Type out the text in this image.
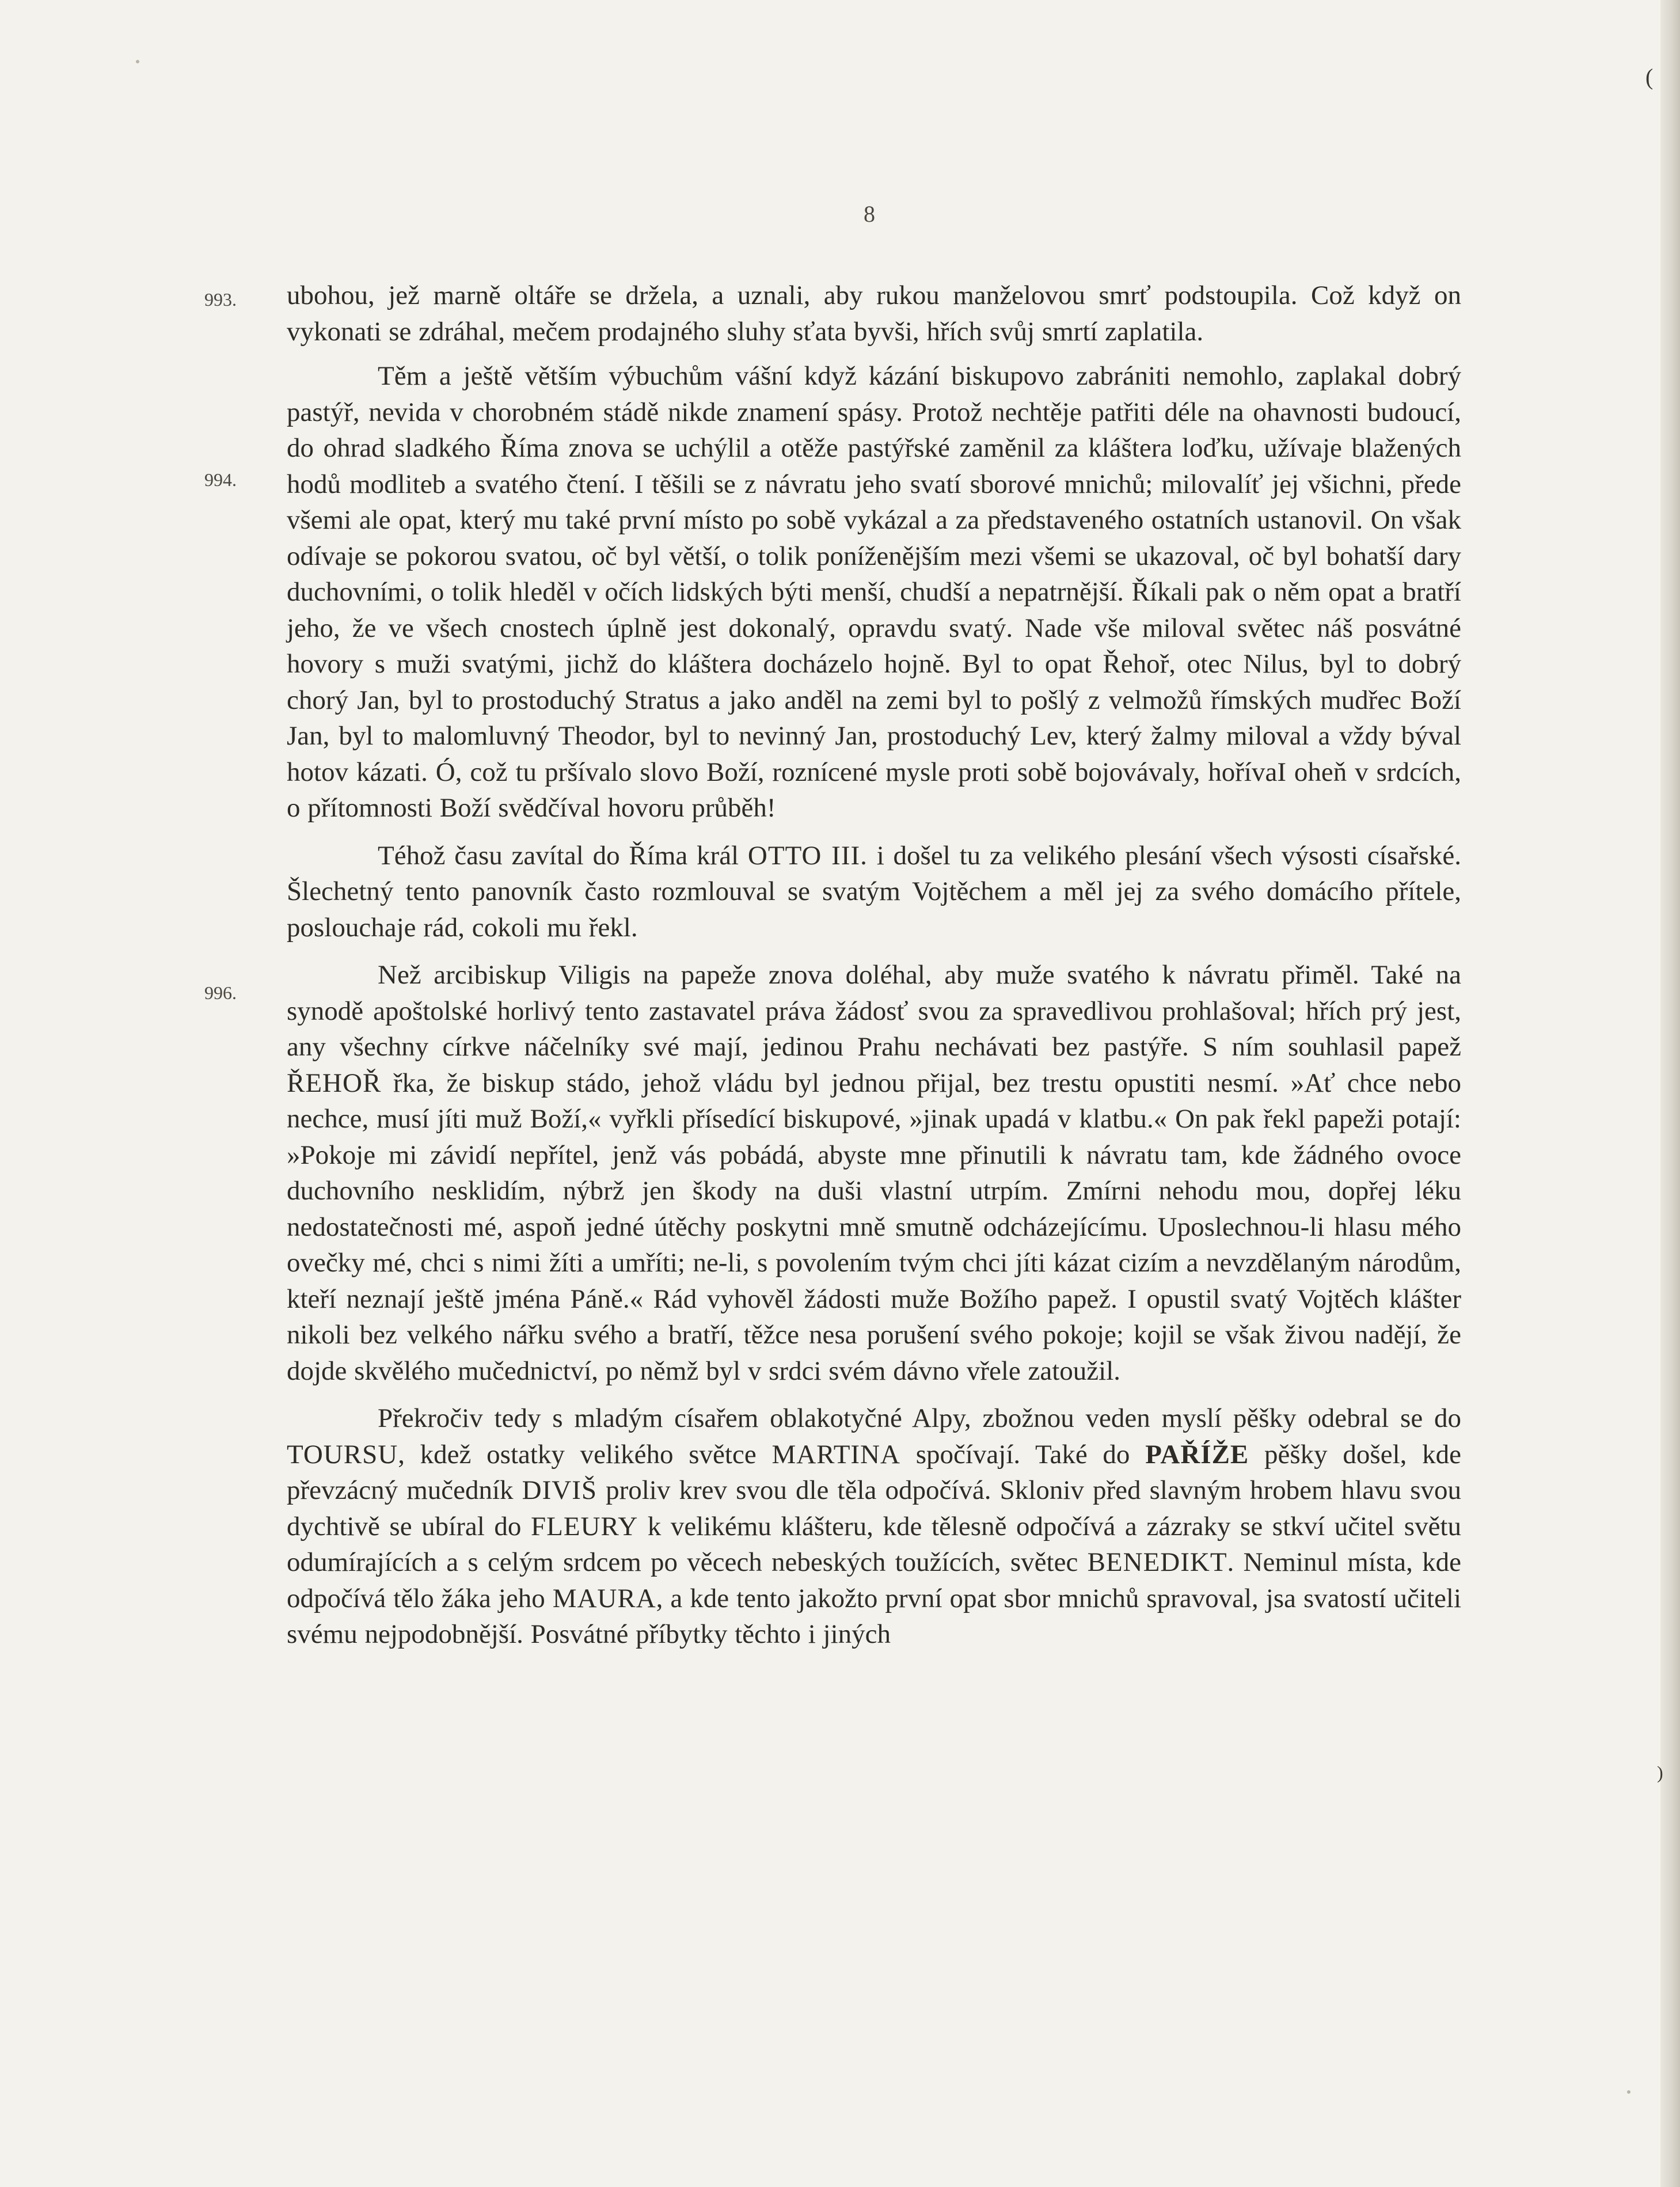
8
993.
994.
996.

ubohou, jež marně oltáře se držela, a uznali, aby rukou manželovou smrť podstoupila. Což když on vykonati se zdráhal, mečem prodajného sluhy sťata byvši, hřích svůj smrtí zaplatila.

Těm a ještě větším výbuchům vášní když kázání biskupovo zabrániti nemohlo, zaplakal dobrý pastýř, nevida v chorobném stádě nikde znamení spásy. Protož nechtěje patřiti déle na ohavnosti budoucí, do ohrad sladkého Říma znova se uchýlil a otěže pastýřské zaměnil za kláštera loďku, užívaje blažených hodů modliteb a svatého čtení. I těšili se z návratu jeho svatí sborové mnichů; milovalíť jej všichni, přede všemi ale opat, který mu také první místo po sobě vykázal a za představeného ostatních ustanovil. On však odívaje se pokorou svatou, oč byl větší, o tolik poníženějším mezi všemi se ukazoval, oč byl bohatší dary duchovními, o tolik hleděl v očích lidských býti menší, chudší a nepatrnější. Říkali pak o něm opat a bratří jeho, že ve všech cnostech úplně jest dokonalý, opravdu svatý. Nade vše miloval světec náš posvátné hovory s muži svatými, jichž do kláštera docházelo hojně. Byl to opat Řehoř, otec Nilus, byl to dobrý chorý Jan, byl to prostoduchý Stratus a jako anděl na zemi byl to pošlý z velmožů římských mudřec Boží Jan, byl to malomluvný Theodor, byl to nevinný Jan, prostoduchý Lev, který žalmy miloval a vždy býval hotov kázati. Ó, což tu pršívalo slovo Boží, roznícené mysle proti sobě bojovávaly, hořívaI oheň v srdcích, o přítomnosti Boží svědčíval hovoru průběh!

Téhož času zavítal do Říma král OTTO III. i došel tu za velikého plesání všech výsosti císařské. Šlechetný tento panovník často rozmlouval se svatým Vojtěchem a měl jej za svého domácího přítele, poslouchaje rád, cokoli mu řekl.

Než arcibiskup Viligis na papeže znova doléhal, aby muže svatého k návratu přiměl. Také na synodě apoštolské horlivý tento zastavatel práva žádosť svou za spravedlivou prohlašoval; hřích prý jest, any všechny církve náčelníky své mají, jedinou Prahu nechávati bez pastýře. S ním souhlasil papež ŘEHOŘ řka, že biskup stádo, jehož vládu byl jednou přijal, bez trestu opustiti nesmí. »Ať chce nebo nechce, musí jíti muž Boží,« vyřkli přísedící biskupové, »jinak upadá v klatbu.« On pak řekl papeži potají: »Pokoje mi závidí nepřítel, jenž vás pobádá, abyste mne přinutili k návratu tam, kde žádného ovoce duchovního nesklidím, nýbrž jen škody na duši vlastní utrpím. Zmírni nehodu mou, dopřej léku nedostatečnosti mé, aspoň jedné útěchy poskytni mně smutně odcházejícímu. Uposlechnou-li hlasu mého ovečky mé, chci s nimi žíti a umříti; ne-li, s povolením tvým chci jíti kázat cizím a nevzdělaným národům, kteří neznají ještě jména Páně.« Rád vyhověl žádosti muže Božího papež. I opustil svatý Vojtěch klášter nikoli bez velkého nářku svého a bratří, těžce nesa porušení svého pokoje; kojil se však živou nadějí, že dojde skvělého mučednictví, po němž byl v srdci svém dávno vřele zatoužil.

Překročiv tedy s mladým císařem oblakotyčné Alpy, zbožnou veden myslí pěšky odebral se do TOURSU, kdež ostatky velikého světce MARTINA spočívají. Také do PAŘÍŽE pěšky došel, kde převzácný mučedník DIVIŠ proliv krev svou dle těla odpočívá. Skloniv před slavným hrobem hlavu svou dychtivě se ubíral do FLEURY k velikému klášteru, kde tělesně odpočívá a zázraky se stkví učitel světu odumírajících a s celým srdcem po věcech nebeských toužících, světec BENEDIKT. Neminul místa, kde odpočívá tělo žáka jeho MAURA, a kde tento jakožto první opat sbor mnichů spravoval, jsa svatostí učiteli svému nejpodobnější. Posvátné příbytky těchto i jiných

(
)
